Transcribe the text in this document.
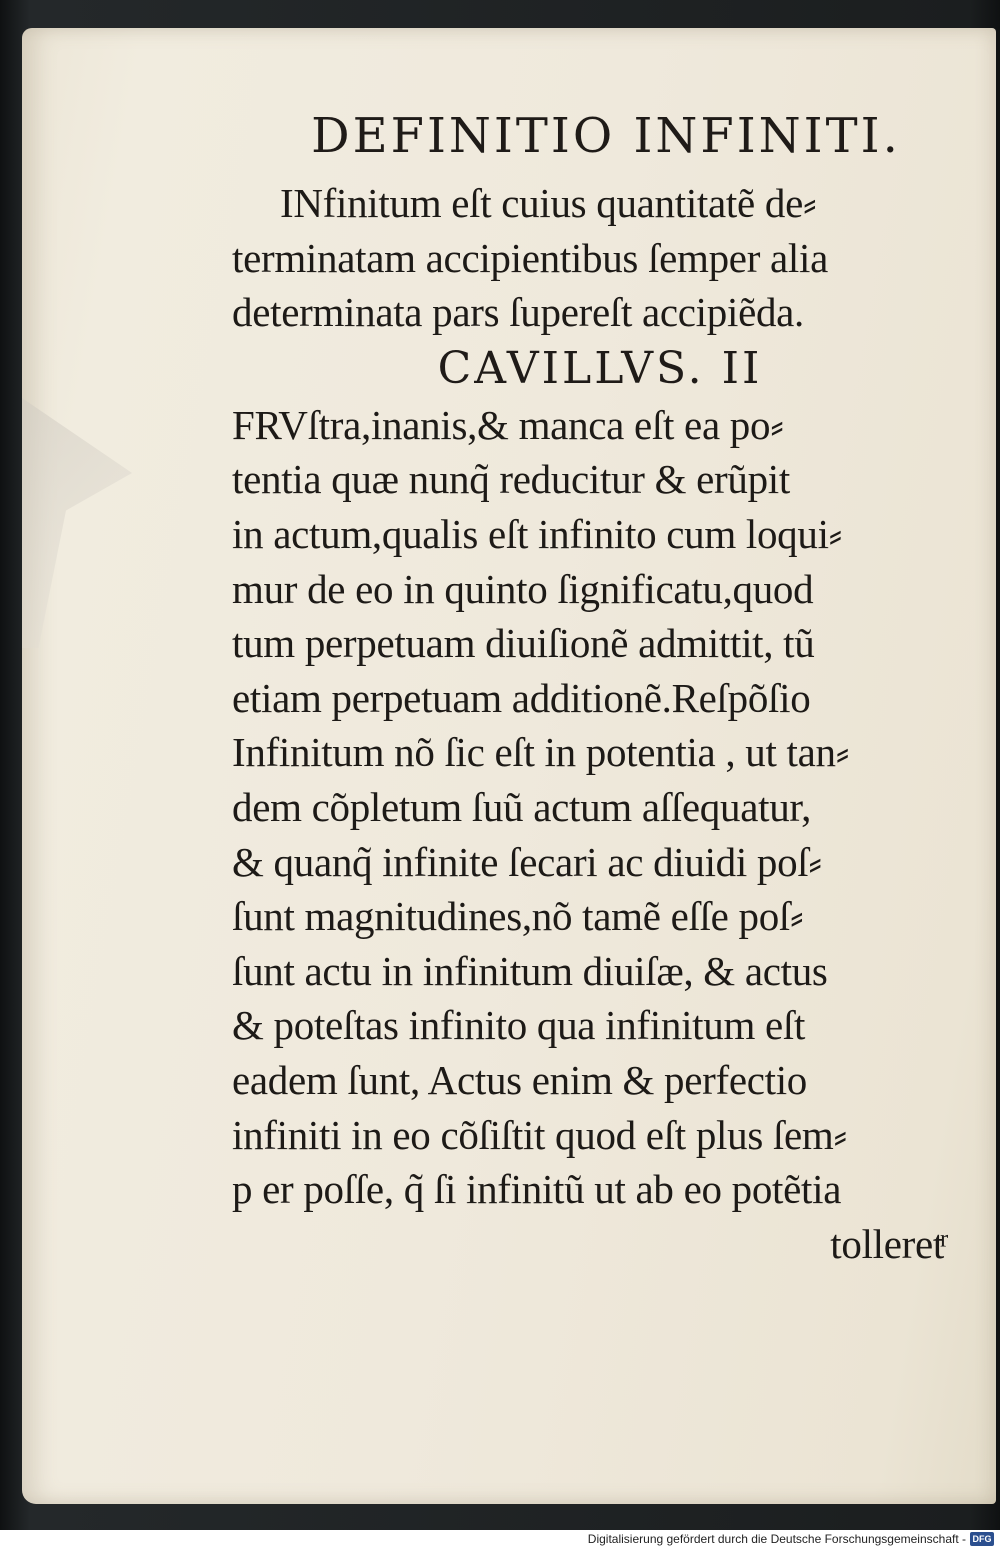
DEFINITIO INFINITI.

INfinitum eſt cuius quantitatẽ de⸗
terminatam accipientibus ſemper alia
determinata pars ſupereſt accipiẽda.

CAVILLVS. II

FRVſtra,inanis,& manca eſt ea po⸗
tentia quæ nunq̃ reducitur & erũpit
in actum,qualis eſt infinito cum loqui⸗
mur de eo in quinto ſignificatu,quod
tum perpetuam diuiſionẽ admittit, tũ
etiam perpetuam additionẽ.Reſpõſio
Infinitum nõ ſic eſt in potentia , ut tan⸗
dem cõpletum ſuũ actum aſſequatur,
& quanq̃ infinite ſecari ac diuidi poſ⸗
ſunt magnitudines,nõ tamẽ eſſe poſ⸗
ſunt actu in infinitum diuiſæ, & actus
& poteſtas infinito qua infinitum eſt
eadem ſunt, Actus enim & perfectio
infiniti in eo cõſiſtit quod eſt plus ſem⸗
p er poſſe, q̃ ſi infinitũ ut ab eo potẽtia
tolleretͬ

Digitalisierung gefördert durch die Deutsche Forschungsgemeinschaft - DFG
